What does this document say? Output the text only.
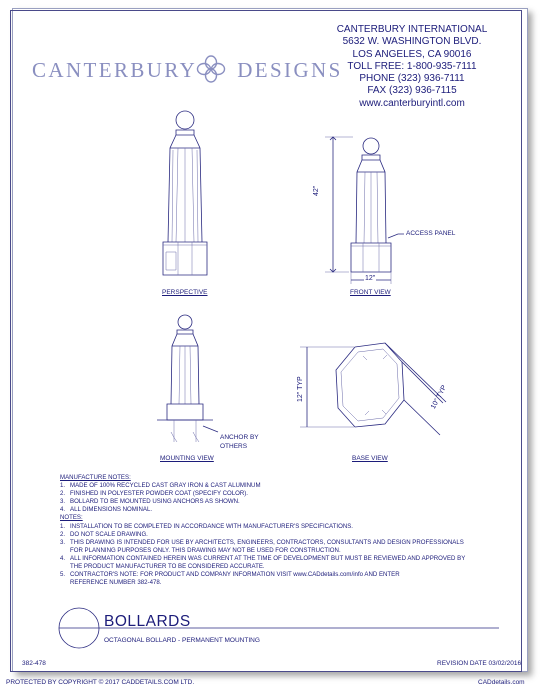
CANTERBURY DESIGNS
CANTERBURY INTERNATIONAL
5632 W. WASHINGTON BLVD.
LOS ANGELES, CA 90016
TOLL FREE: 1-800-935-7111
PHONE (323) 936-7111
FAX (323) 936-7115
www.canterburyintl.com
PERSPECTIVE	FRONT VIEW
MOUNTING VIEW	BASE VIEW
ACCESS PANEL
ANCHOR BY
OTHERS
42"
12"
12" TYP	10" TYP
MANUFACTURE NOTES:
1. MADE OF 100% RECYCLED CAST GRAY IRON & CAST ALUMINUM
2. FINISHED IN POLYESTER POWDER COAT (SPECIFY COLOR).
3. BOLLARD TO BE MOUNTED USING ANCHORS AS SHOWN.
4. ALL DIMENSIONS NOMINAL.
NOTES:
1. INSTALLATION TO BE COMPLETED IN ACCORDANCE WITH MANUFACTURER'S SPECIFICATIONS.
2. DO NOT SCALE DRAWING.
3. THIS DRAWING IS INTENDED FOR USE BY ARCHITECTS, ENGINEERS, CONTRACTORS, CONSULTANTS AND DESIGN PROFESSIONALS
FOR PLANNING PURPOSES ONLY. THIS DRAWING MAY NOT BE USED FOR CONSTRUCTION.
4. ALL INFORMATION CONTAINED HEREIN WAS CURRENT AT THE TIME OF DEVELOPMENT BUT MUST BE REVIEWED AND APPROVED BY
THE PRODUCT MANUFACTURER TO BE CONSIDERED ACCURATE.
5. CONTRACTOR'S NOTE: FOR PRODUCT AND COMPANY INFORMATION VISIT www.CADdetails.com/info AND ENTER
REFERENCE NUMBER 382-478.
BOLLARDS
OCTAGONAL BOLLARD - PERMANENT MOUNTING
382-478	REVISION DATE 03/02/2016
PROTECTED BY COPYRIGHT © 2017 CADDETAILS.COM LTD.	CADdetails.com
